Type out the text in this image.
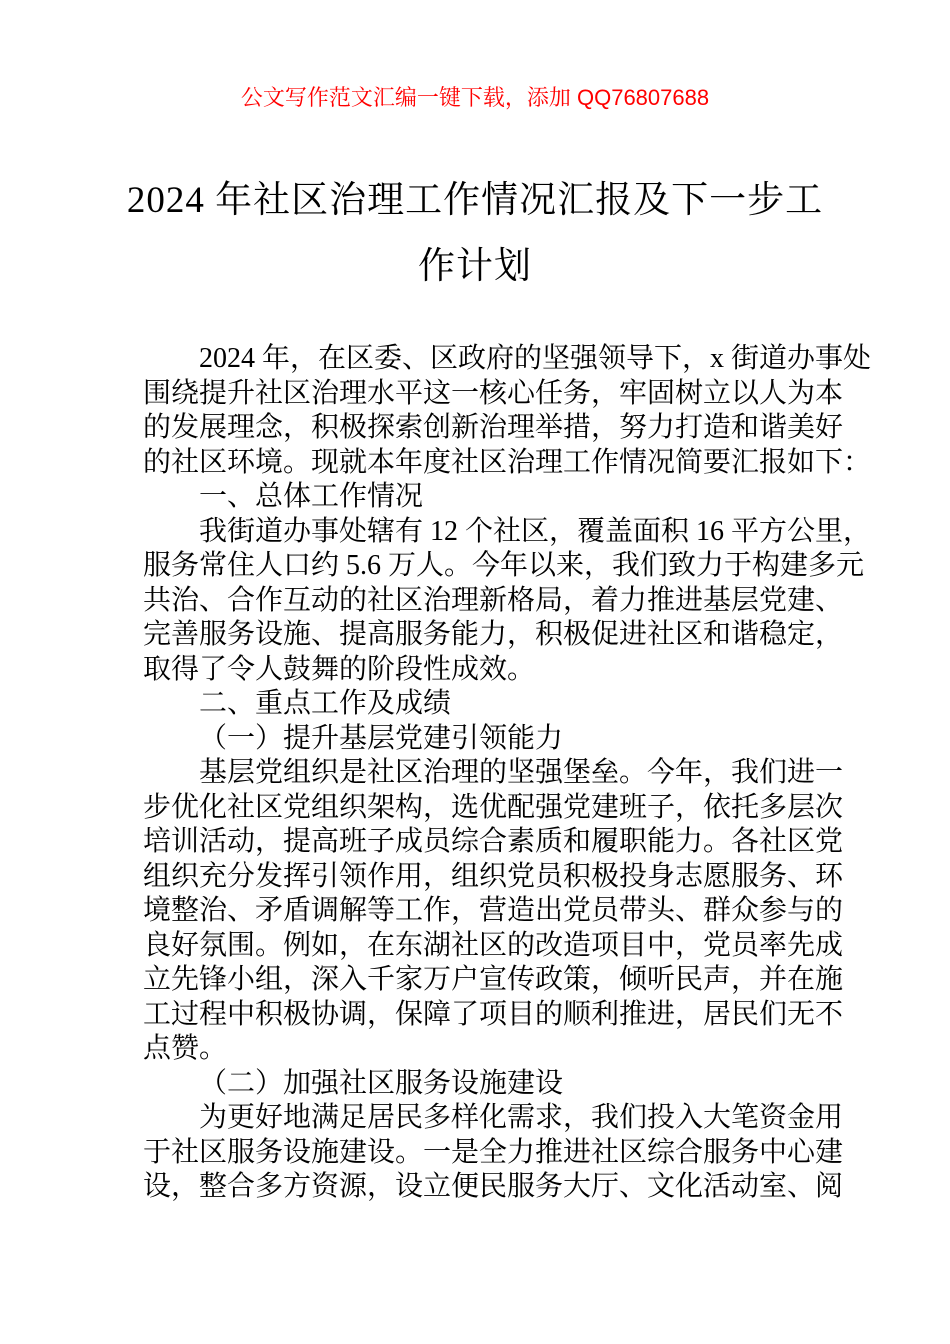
公文写作范文汇编一键下载，添加 QQ76807688
2024 年社区治理工作情况汇报及下一步工
作计划
2024 年，在区委、区政府的坚强领导下，x 街道办事处
围绕提升社区治理水平这一核心任务，牢固树立以人为本
的发展理念，积极探索创新治理举措，努力打造和谐美好
的社区环境。现就本年度社区治理工作情况简要汇报如下：
一、总体工作情况
我街道办事处辖有 12 个社区，覆盖面积 16 平方公里，
服务常住人口约 5.6 万人。今年以来，我们致力于构建多元
共治、合作互动的社区治理新格局，着力推进基层党建、
完善服务设施、提高服务能力，积极促进社区和谐稳定，
取得了令人鼓舞的阶段性成效。
二、重点工作及成绩
（一）提升基层党建引领能力
基层党组织是社区治理的坚强堡垒。今年，我们进一
步优化社区党组织架构，选优配强党建班子，依托多层次
培训活动，提高班子成员综合素质和履职能力。各社区党
组织充分发挥引领作用，组织党员积极投身志愿服务、环
境整治、矛盾调解等工作，营造出党员带头、群众参与的
良好氛围。例如，在东湖社区的改造项目中，党员率先成
立先锋小组，深入千家万户宣传政策，倾听民声，并在施
工过程中积极协调，保障了项目的顺利推进，居民们无不
点赞。
（二）加强社区服务设施建设
为更好地满足居民多样化需求，我们投入大笔资金用
于社区服务设施建设。一是全力推进社区综合服务中心建
设，整合多方资源，设立便民服务大厅、文化活动室、阅
